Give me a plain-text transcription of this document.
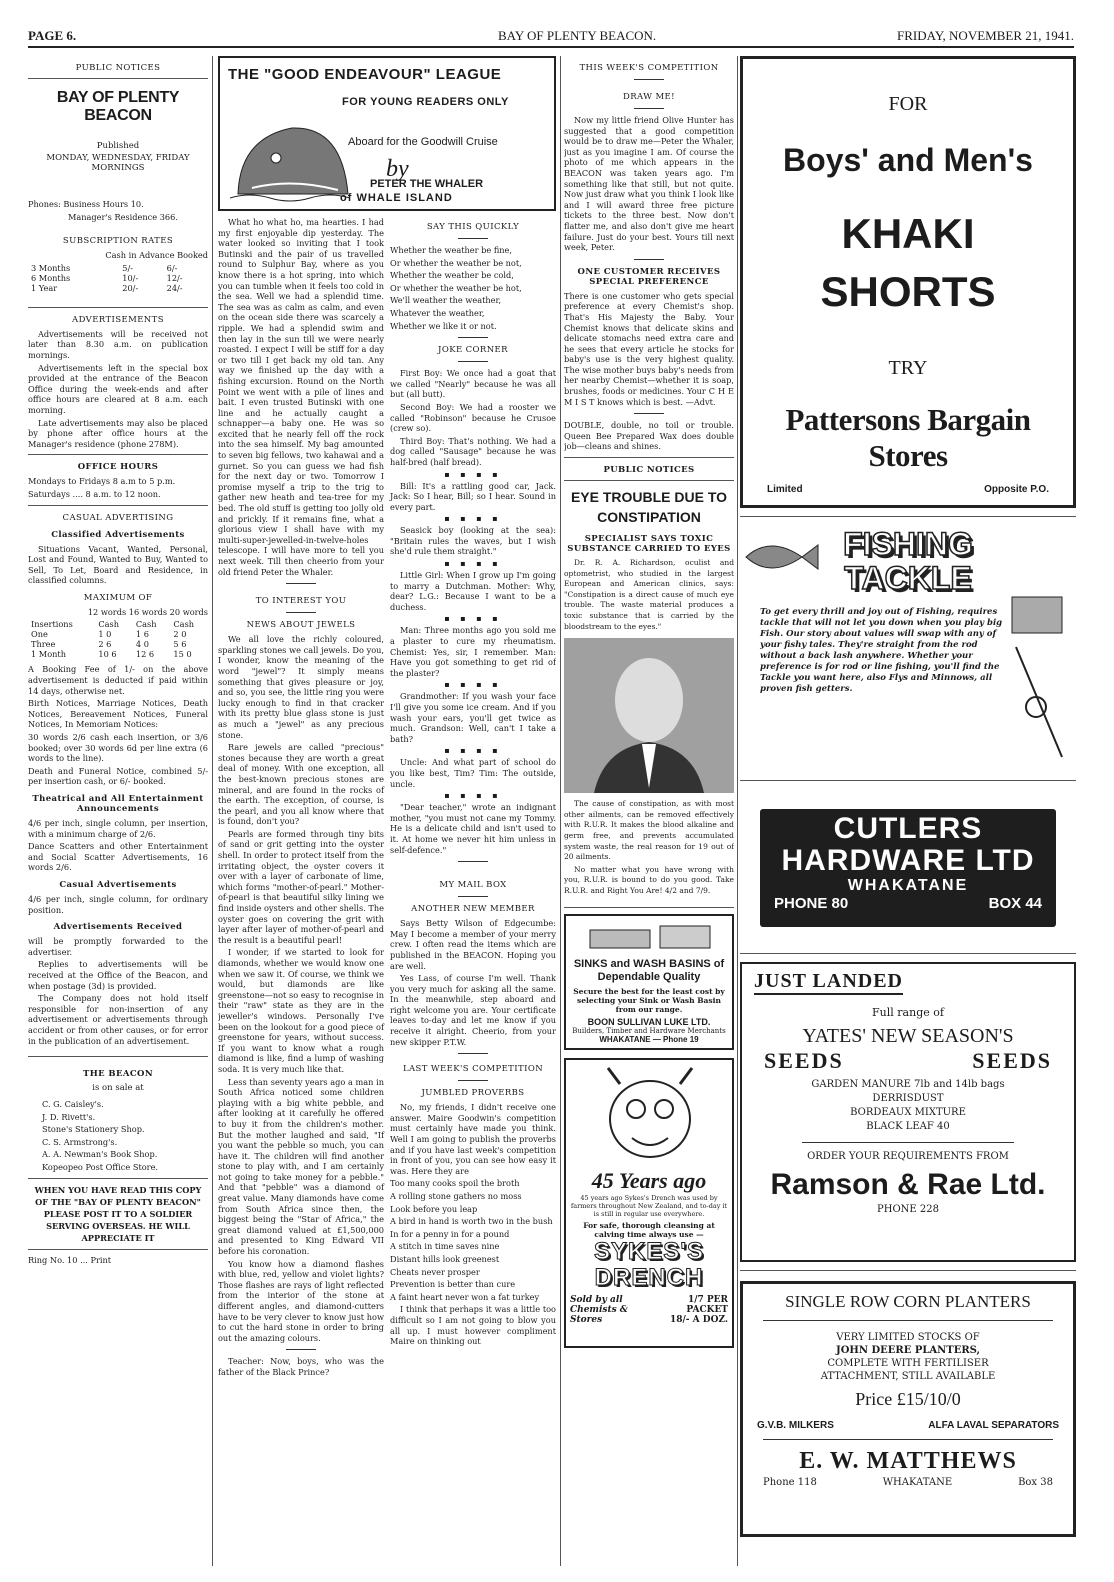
PAGE 6.	BAY OF PLENTY BEACON.	FRIDAY, NOVEMBER 21, 1941.
PUBLIC NOTICES
BAY OF PLENTY BEACON
Published
MONDAY, WEDNESDAY, FRIDAY MORNINGS
Phones: Business Hours 10.
Manager's Residence 366.
SUBSCRIPTION RATES
Cash in Advance Booked
3 Months	5/-	6/-
6 Months	10/-	12/-
1 Year	20/-	24/-
ADVERTISEMENTS
Advertisements will be received not later than 8.30 a.m. on publication mornings.
Advertisements left in the special box provided at the entrance of the Beacon Office during the week-ends and after office hours are cleared at 8 a.m. each morning.
Late advertisements may also be placed by phone after office hours at the Manager's residence (phone 278M).
OFFICE HOURS
Mondays to Fridays 8 a.m to 5 p.m.
Saturdays .... 8 a.m. to 12 noon.
CASUAL ADVERTISING
Classified Advertisements
Situations Vacant, Wanted, Personal, Lost and Found, Wanted to Buy, Wanted to Sell, To Let, Board and Residence, in classified columns.
MAXIMUM OF
12 words 16 words 20 words
Insertions	Cash	Cash	Cash
One	1 0	1 6	2 0
Three	2 6	4 0	5 6
1 Month	10 6	12 6	15 0
A Booking Fee of 1/- on the above advertisement is deducted if paid within 14 days, otherwise net.
Birth Notices, Marriage Notices, Death Notices, Bereavement Notices, Funeral Notices, In Memoriam Notices:
30 words 2/6 cash each insertion, or 3/6 booked; over 30 words 6d per line extra (6 words to the line).
Death and Funeral Notice, combined 5/- per insertion cash, or 6/- booked.
Theatrical and All Entertainment Announcements
4/6 per inch, single column, per insertion, with a minimum charge of 2/6.
Dance Scatters and other Entertainment and Social Scatter Advertisements, 16 words 2/6.
Casual Advertisements
4/6 per inch, single column, for ordinary position.
Advertisements Received
will be promptly forwarded to the advertiser.
Replies to advertisements will be received at the Office of the Beacon, and when postage (3d) is provided.
The Company does not hold itself responsible for non-insertion of any advertisement or advertisements through accident or from other causes, or for error in the publication of an advertisement.
THE BEACON
is on sale at
C. G. Caisley's.
J. D. Rivett's.
Stone's Stationery Shop.
C. S. Armstrong's.
A. A. Newman's Book Shop.
Kopeopeo Post Office Store.
WHEN YOU HAVE READ THIS COPY OF THE "BAY OF PLENTY BEACON" PLEASE POST IT TO A SOLDIER SERVING OVERSEAS. HE WILL APPRECIATE IT
Ring No. 10 ... Print
THE "GOOD ENDEAVOUR" LEAGUE
FOR YOUNG READERS ONLY
Aboard for the Goodwill Cruise
by
PETER THE WHALER
of WHALE ISLAND
What ho what ho, ma hearties. I had my first enjoyable dip yesterday. The water looked so inviting that I took Butinski and the pair of us travelled round to Sulphur Bay, where as you know there is a hot spring, into which you can tumble when it feels too cold in the sea. Well we had a splendid time. The sea was as calm as calm, and even on the ocean side there was scarcely a ripple. We had a splendid swim and then lay in the sun till we were nearly roasted. I expect I will be stiff for a day or two till I get back my old tan. Any way we finished up the day with a fishing excursion. Round on the North Point we went with a pile of lines and bait. I even trusted Butinski with one line and he actually caught a schnapper—a baby one. He was so excited that he nearly fell off the rock into the sea himself. My bag amounted to seven big fellows, two kahawai and a gurnet. So you can guess we had fish for the next day or two. Tomorrow I promise myself a trip to the trig to gather new heath and tea-tree for my bed. The old stuff is getting too jolly old and prickly. If it remains fine, what a glorious view I shall have with my multi-super-jewelled-in-twelve-holes telescope. I will have more to tell you next week. Till then cheerio from your old friend Peter the Whaler.
TO INTEREST YOU
NEWS ABOUT JEWELS
We all love the richly coloured, sparkling stones we call jewels. Do you, I wonder, know the meaning of the word "jewel"? It simply means something that gives pleasure or joy, and so, you see, the little ring you were lucky enough to find in that cracker with its pretty blue glass stone is just as much a "jewel" as any precious stone.
Rare jewels are called "precious" stones because they are worth a great deal of money. With one exception, all the best-known precious stones are mineral, and are found in the rocks of the earth. The exception, of course, is the pearl, and you all know where that is found, don't you?
Pearls are formed through tiny bits of sand or grit getting into the oyster shell. In order to protect itself from the irritating object, the oyster covers it over with a layer of carbonate of lime, which forms "mother-of-pearl." Mother-of-pearl is that beautiful silky lining we find inside oysters and other shells. The oyster goes on covering the grit with layer after layer of mother-of-pearl and the result is a beautiful pearl!
I wonder, if we started to look for diamonds, whether we would know one when we saw it. Of course, we think we would, but diamonds are like greenstone—not so easy to recognise in their "raw" state as they are in the jeweller's windows. Personally I've been on the lookout for a good piece of greenstone for years, without success. If you want to know what a rough diamond is like, find a lump of washing soda. It is very much like that.
Less than seventy years ago a man in South Africa noticed some children playing with a big white pebble, and after looking at it carefully he offered to buy it from the children's mother. But the mother laughed and said, "If you want the pebble so much, you can have it. The children will find another stone to play with, and I am certainly not going to take money for a pebble." And that "pebble" was a diamond of great value. Many diamonds have come from South Africa since then, the biggest being the "Star of Africa," the great diamond valued at £1,500,000 and presented to King Edward VII before his coronation.
You know how a diamond flashes with blue, red, yellow and violet lights? Those flashes are rays of light reflected from the interior of the stone at different angles, and diamond-cutters have to be very clever to know just how to cut the hard stone in order to bring out the amazing colours.
Teacher: Now, boys, who was the father of the Black Prince?
SAY THIS QUICKLY
Whether the weather be fine,
Or whether the weather be not,
Whether the weather be cold,
Or whether the weather be hot,
We'll weather the weather,
Whatever the weather,
Whether we like it or not.
JOKE CORNER
First Boy: We once had a goat that we called "Nearly" because he was all but (all butt).
Second Boy: We had a rooster we called "Robinson" because he Crusoe (crew so).
Third Boy: That's nothing. We had a dog called "Sausage" because he was half-bred (half bread).
▪ ▪ ▪ ▪
Bill: It's a rattling good car, Jack. Jack: So I hear, Bill; so I hear. Sound in every part.
▪ ▪ ▪ ▪
Seasick boy (looking at the sea): "Britain rules the waves, but I wish she'd rule them straight."
▪ ▪ ▪ ▪
Little Girl: When I grow up I'm going to marry a Dutchman. Mother: Why, dear? L.G.: Because I want to be a duchess.
▪ ▪ ▪ ▪
Man: Three months ago you sold me a plaster to cure my rheumatism. Chemist: Yes, sir, I remember. Man: Have you got something to get rid of the plaster?
▪ ▪ ▪ ▪
Grandmother: If you wash your face I'll give you some ice cream. And if you wash your ears, you'll get twice as much. Grandson: Well, can't I take a bath?
▪ ▪ ▪ ▪
Uncle: And what part of school do you like best, Tim? Tim: The outside, uncle.
▪ ▪ ▪ ▪
"Dear teacher," wrote an indignant mother, "you must not cane my Tommy. He is a delicate child and isn't used to it. At home we never hit him unless in self-defence."
MY MAIL BOX
ANOTHER NEW MEMBER
Says Betty Wilson of Edgecumbe: May I become a member of your merry crew. I often read the items which are published in the BEACON. Hoping you are well.
Yes Lass, of course I'm well. Thank you very much for asking all the same. In the meanwhile, step aboard and right welcome you are. Your certificate leaves to-day and let me know if you receive it alright. Cheerio, from your new skipper P.T.W.
LAST WEEK'S COMPETITION
JUMBLED PROVERBS
No, my friends, I didn't receive one answer. Maire Goodwin's competition must certainly have made you think. Well I am going to publish the proverbs and if you have last week's competition in front of you, you can see how easy it was. Here they are
Too many cooks spoil the broth
A rolling stone gathers no moss
Look before you leap
A bird in hand is worth two in the bush
In for a penny in for a pound
A stitch in time saves nine
Distant hills look greenest
Cheats never prosper
Prevention is better than cure
A faint heart never won a fat turkey
I think that perhaps it was a little too difficult so I am not going to blow you all up. I must however compliment Maire on thinking out
THIS WEEK'S COMPETITION
DRAW ME!
Now my little friend Olive Hunter has suggested that a good competition would be to draw me—Peter the Whaler, just as you imagine I am. Of course the photo of me which appears in the BEACON was taken years ago. I'm something like that still, but not quite. Now just draw what you think I look like and I will award three free picture tickets to the three best. Now don't flatter me, and also don't give me heart failure. Just do your best. Yours till next week, Peter.
ONE CUSTOMER RECEIVES SPECIAL PREFERENCE
There is one customer who gets special preference at every Chemist's shop. That's His Majesty the Baby. Your Chemist knows that delicate skins and delicate stomachs need extra care and he sees that every article he stocks for baby's use is the very highest quality. The wise mother buys baby's needs from her nearby Chemist—whether it is soap, brushes, foods or medicines. Your C H E M I S T knows which is best. —Advt.
DOUBLE, double, no toil or trouble. Queen Bee Prepared Wax does double job—cleans and shines.
PUBLIC NOTICES
EYE TROUBLE DUE TO CONSTIPATION
SPECIALIST SAYS TOXIC SUBSTANCE CARRIED TO EYES
Dr. R. A. Richardson, oculist and optometrist, who studied in the largest European and American clinics, says: "Constipation is a direct cause of much eye trouble. The waste material produces a toxic substance that is carried by the bloodstream to the eyes."
The cause of constipation, as with most other ailments, can be removed effectively with R.U.R. It makes the blood alkaline and germ free, and prevents accumulated system waste, the real reason for 19 out of 20 ailments.
No matter what you have wrong with you, R.U.R. is bound to do you good. Take R.U.R. and Right You Are! 4/2 and 7/9.
SINKS and WASH BASINS of Dependable Quality
Secure the best for the least cost by selecting your Sink or Wash Basin from our range.
BOON SULLIVAN LUKE LTD.
Builders, Timber and Hardware Merchants
WHAKATANE — Phone 19
45 Years ago
45 years ago Sykes's Drench was used by farmers throughout New Zealand, and to-day it is still in regular use everywhere.
For safe, thorough cleansing at calving time always use —
SYKES'S DRENCH
Sold by all Chemists & Stores
1/7 PER PACKET
18/- A DOZ.
FOR
Boys' and Men's
KHAKI SHORTS
TRY
Pattersons Bargain Stores
Limited	Opposite P.O.
FISHING TACKLE
To get every thrill and joy out of Fishing, requires tackle that will not let you down when you play big Fish. Our story about values will swap with any of your fishy tales. They're straight from the rod without a back lash anywhere. Whether your preference is for rod or line fishing, you'll find the Tackle you want here, also Flys and Minnows, all proven fish getters.
CUTLERS
HARDWARE LTD
WHAKATANE
PHONE 80	BOX 44
JUST LANDED
Full range of
YATES' NEW SEASON'S
SEEDS	SEEDS
GARDEN MANURE 7lb and 14lb bags
DERRISDUST
BORDEAUX MIXTURE
BLACK LEAF 40
ORDER YOUR REQUIREMENTS FROM
Ramson & Rae Ltd.
PHONE 228
SINGLE ROW CORN PLANTERS
VERY LIMITED STOCKS OF
JOHN DEERE PLANTERS,
COMPLETE WITH FERTILISER ATTACHMENT, STILL AVAILABLE
Price £15/10/0
G.V.B. MILKERS	ALFA LAVAL SEPARATORS
E. W. MATTHEWS
Phone 118	WHAKATANE	Box 38
